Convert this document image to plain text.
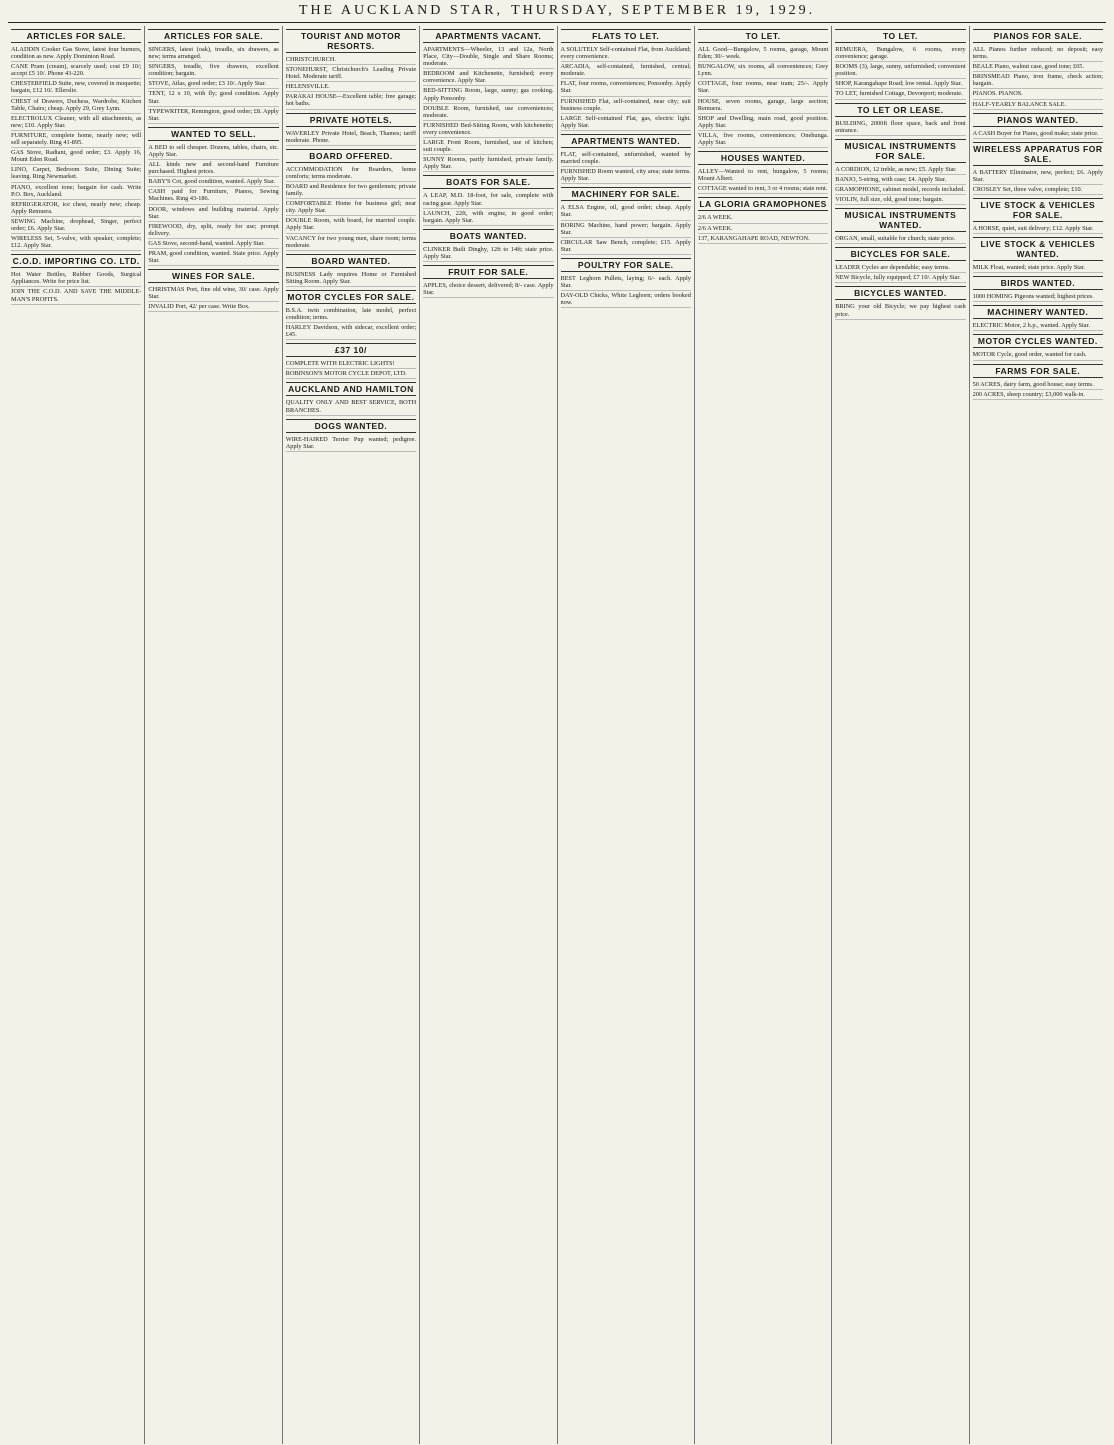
THE AUCKLAND STAR, THURSDAY, SEPTEMBER 19, 1929.
ARTICLES FOR SALE.

ALADDIN Cooker Gas Stove, latest four burners, condition as new. Apply Dominion Road.

CANE Pram (cream), scarcely used; cost £9 10/; accept £5 10/. Phone 43-220.

CHESTERFIELD Suite, new, covered in moquette; bargain, £12 10/. Ellerslie.

CHEST of Drawers, Duchess, Wardrobe, Kitchen Table, Chairs; cheap. Apply 29, Grey Lynn.

ELECTROLUX Cleaner, with all attachments, as new; £10. Apply Star.

FURNITURE, complete home, nearly new; will sell separately. Ring 41-895.

GAS Stove, Radiant, good order; £3. Apply 16, Mount Eden Road.

LINO, Carpet, Bedroom Suite, Dining Suite; leaving. Ring Newmarket.

PIANO, excellent tone; bargain for cash. Write P.O. Box, Auckland.

REFRIGERATOR, ice chest, nearly new; cheap. Apply Remuera.

SEWING Machine, drophead, Singer, perfect order; £6. Apply Star.

WIRELESS Set, 5-valve, with speaker, complete; £12. Apply Star.

C.O.D. IMPORTING CO. LTD.

Hot Water Bottles, Rubber Goods, Surgical Appliances. Write for price list.

JOIN THE C.O.D. AND SAVE THE MIDDLE-MAN'S PROFITS.

ARTICLES FOR SALE.

SINGERS, latest (oak), treadle, six drawers, as new; terms arranged.

SINGERS, treadle, five drawers, excellent condition; bargain.

STOVE, Atlas, good order; £3 10/. Apply Star.

TENT, 12 x 10, with fly; good condition. Apply Star.

TYPEWRITER, Remington, good order; £8. Apply Star.

WANTED TO SELL.

A BED to sell cheaper. Dozens, tables, chairs, etc. Apply Star.

ALL kinds new and second-hand Furniture purchased. Highest prices.

BABY'S Cot, good condition, wanted. Apply Star.

CASH paid for Furniture, Pianos, Sewing Machines. Ring 43-186.

DOOR, windows and building material. Apply Star.

FIREWOOD, dry, split, ready for use; prompt delivery.

GAS Stove, second-hand, wanted. Apply Star.

PRAM, good condition, wanted. State price. Apply Star.

WINES FOR SALE.

CHRISTMAS Port, fine old wine, 30/ case. Apply Star.

INVALID Port, 42/ per case. Write Box.

TOURIST AND MOTOR RESORTS.

CHRISTCHURCH.

STONEHURST, Christchurch's Leading Private Hotel. Moderate tariff.

HELENSVILLE.

PARAKAI HOUSE—Excellent table; free garage; hot baths.

PRIVATE HOTELS.

WAVERLEY Private Hotel, Beach, Thames; tariff moderate. Phone.

BOARD OFFERED.

ACCOMMODATION for Boarders, home comforts; terms moderate.

BOARD and Residence for two gentlemen; private family.

COMFORTABLE Home for business girl; near city. Apply Star.

DOUBLE Room, with board, for married couple. Apply Star.

VACANCY for two young men, share room; terms moderate.

BOARD WANTED.

BUSINESS Lady requires Home or Furnished Sitting Room. Apply Star.

MOTOR CYCLES FOR SALE.

B.S.A. twin combination, late model, perfect condition; terms.

HARLEY Davidson, with sidecar, excellent order; £45.

£37 10/

COMPLETE WITH ELECTRIC LIGHTS!

ROBINSON'S MOTOR CYCLE DEPOT, LTD.

AUCKLAND AND HAMILTON

QUALITY ONLY AND BEST SERVICE, BOTH BRANCHES.

DOGS WANTED.

WIRE-HAIRED Terrier Pup wanted; pedigree. Apply Star.

APARTMENTS VACANT.

APARTMENTS—Wheeler, 13 and 12a, North Place, City—Double, Single and Share Rooms; moderate.

BEDROOM and Kitchenette, furnished; every convenience. Apply Star.

BED-SITTING Room, large, sunny; gas cooking. Apply Ponsonby.

DOUBLE Room, furnished, use conveniences; moderate.

FURNISHED Bed-Sitting Room, with kitchenette; every convenience.

LARGE Front Room, furnished, use of kitchen; suit couple.

SUNNY Rooms, partly furnished, private family. Apply Star.

BOATS FOR SALE.

A LEAP, M.D. 18-foot, for sale, complete with racing gear. Apply Star.

LAUNCH, 22ft, with engine, in good order; bargain. Apply Star.

BOATS WANTED.

CLINKER Built Dinghy, 12ft to 14ft; state price. Apply Star.

FRUIT FOR SALE.

APPLES, choice dessert, delivered; 8/- case. Apply Star.

FLATS TO LET.

A SOLUTELY Self-contained Flat, from Auckland; every convenience.

ARCADIA, self-contained, furnished, central; moderate.

FLAT, four rooms, conveniences; Ponsonby. Apply Star.

FURNISHED Flat, self-contained, near city; suit business couple.

LARGE Self-contained Flat, gas, electric light. Apply Star.

APARTMENTS WANTED.

FLAT, self-contained, unfurnished, wanted by married couple.

FURNISHED Room wanted, city area; state terms. Apply Star.

MACHINERY FOR SALE.

A ELSA Engine, oil, good order; cheap. Apply Star.

BORING Machine, hand power; bargain. Apply Star.

CIRCULAR Saw Bench, complete; £15. Apply Star.

POULTRY FOR SALE.

BEST Leghorn Pullets, laying; 6/- each. Apply Star.

DAY-OLD Chicks, White Leghorn; orders booked now.

TO LET.

ALL Good—Bungalow, 5 rooms, garage, Mount Eden; 30/- week.

BUNGALOW, six rooms, all conveniences; Grey Lynn.

COTTAGE, four rooms, near tram; 25/-. Apply Star.

HOUSE, seven rooms, garage, large section; Remuera.

SHOP and Dwelling, main road, good position. Apply Star.

VILLA, five rooms, conveniences; Onehunga. Apply Star.

HOUSES WANTED.

ALLEY—Wanted to rent, bungalow, 5 rooms; Mount Albert.

COTTAGE wanted to rent, 3 or 4 rooms; state rent.

LA GLORIA GRAMOPHONES

2/6 A WEEK.

2/6 A WEEK.

137, KARANGAHAPE ROAD, NEWTON.

TO LET.

REMUERA, Bungalow, 6 rooms, every convenience; garage.

ROOMS (3), large, sunny, unfurnished; convenient position.

SHOP, Karangahape Road; low rental. Apply Star.

TO LET, furnished Cottage, Devonport; moderate.

TO LET OR LEASE.

BUILDING, 2000ft floor space, back and front entrance.

MUSICAL INSTRUMENTS FOR SALE.

A CORDION, 12 treble, as new; £5. Apply Star.

BANJO, 5-string, with case; £4. Apply Star.

GRAMOPHONE, cabinet model, records included.

VIOLIN, full size, old, good tone; bargain.

MUSICAL INSTRUMENTS WANTED.

ORGAN, small, suitable for church; state price.

BICYCLES FOR SALE.

LEADER Cycles are dependable; easy terms.

NEW Bicycle, fully equipped; £7 10/. Apply Star.

BICYCLES WANTED.

BRING your old Bicycle; we pay highest cash price.

PIANOS FOR SALE.

ALL Pianos further reduced; no deposit; easy terms.

BEALE Piano, walnut case, good tone; £65.

BRINSMEAD Piano, iron frame, check action; bargain.

PIANOS. PIANOS.

HALF-YEARLY BALANCE SALE.

PIANOS WANTED.

A CASH Buyer for Piano, good make; state price.

WIRELESS APPARATUS FOR SALE.

A BATTERY Eliminator, new, perfect; £6. Apply Star.

CROSLEY Set, three valve, complete; £10.

LIVE STOCK & VEHICLES FOR SALE.

A HORSE, quiet, suit delivery; £12. Apply Star.

LIVE STOCK & VEHICLES WANTED.

MILK Float, wanted; state price. Apply Star.

BIRDS WANTED.

1000 HOMING Pigeons wanted; highest prices.

MACHINERY WANTED.

ELECTRIC Motor, 2 h.p., wanted. Apply Star.

MOTOR CYCLES WANTED.

MOTOR Cycle, good order, wanted for cash.

FARMS FOR SALE.

50 ACRES, dairy farm, good house; easy terms.

200 ACRES, sheep country; £3,000 walk-in.
